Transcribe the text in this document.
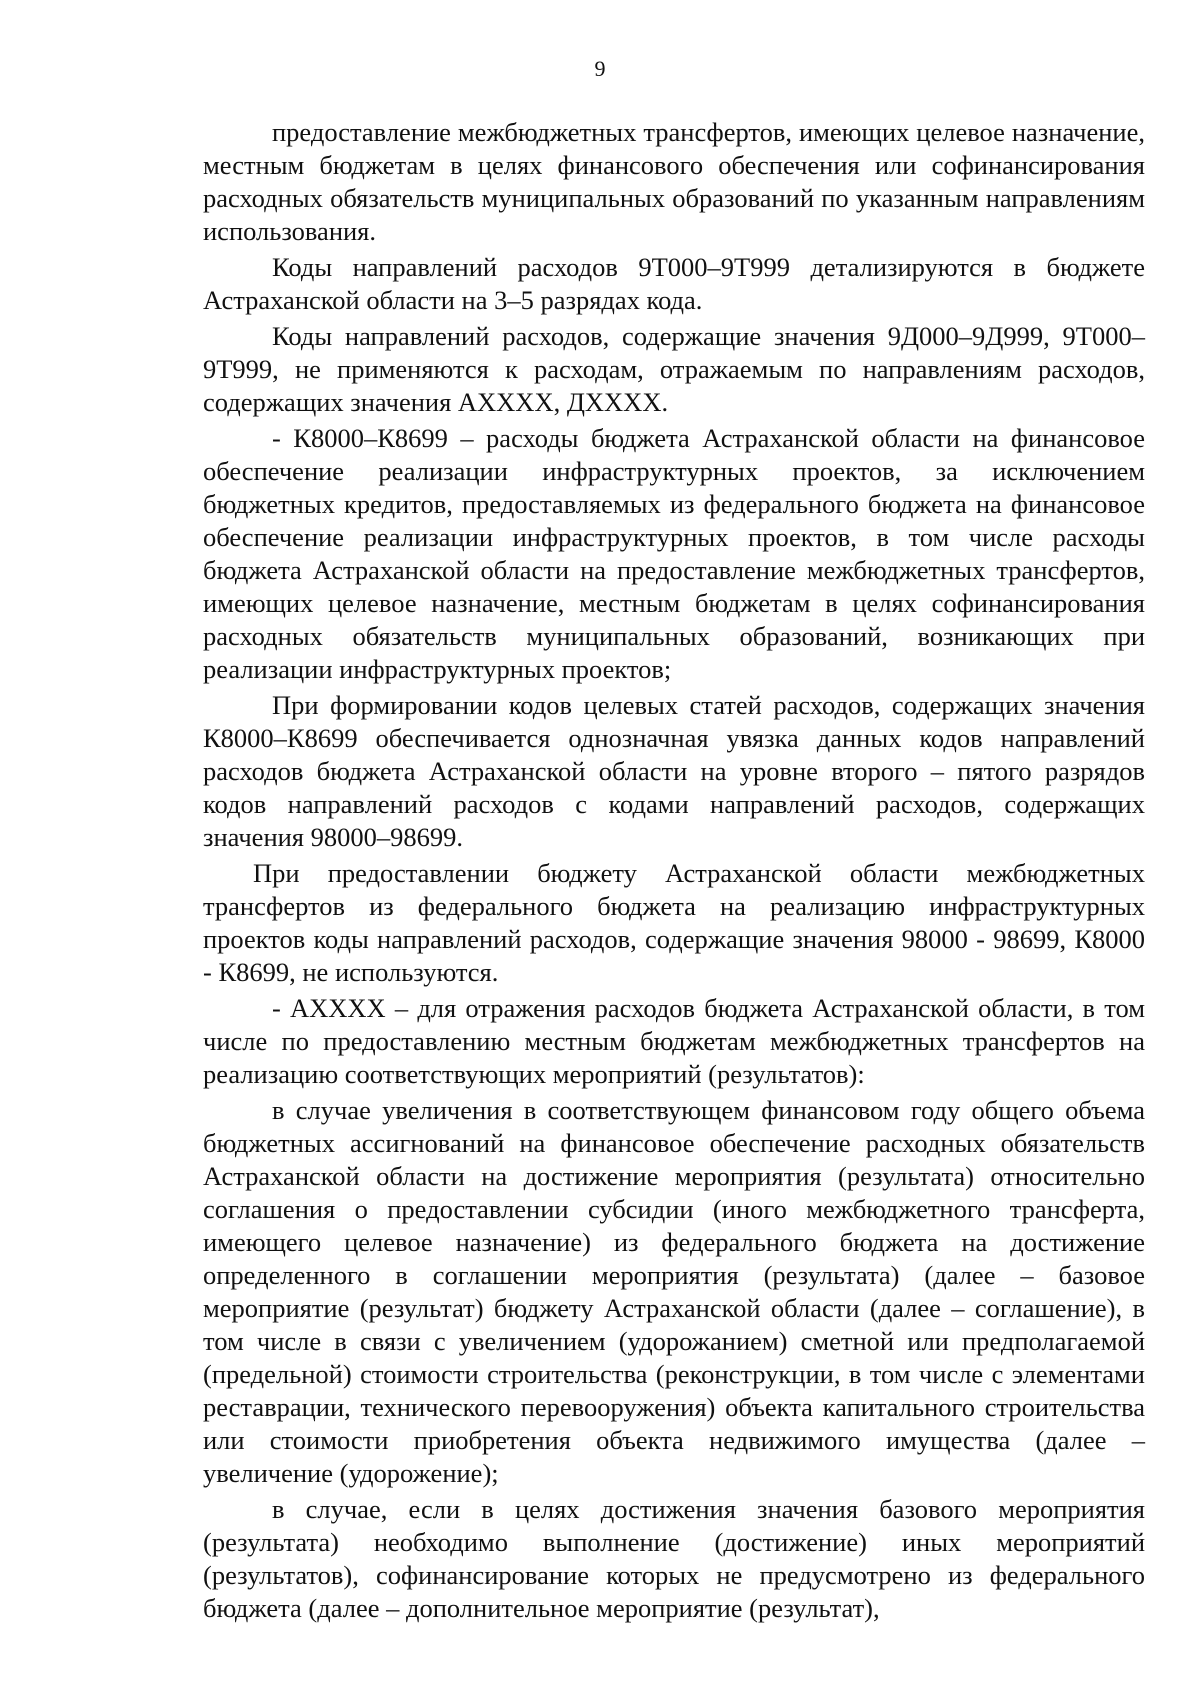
9

предоставление межбюджетных трансфертов, имеющих целевое назначение, местным бюджетам в целях финансового обеспечения или софинансирования расходных обязательств муниципальных образований по указанным направлениям использования.

Коды направлений расходов 9Т000–9Т999 детализируются в бюджете Астраханской области на 3–5 разрядах кода.

Коды направлений расходов, содержащие значения 9Д000–9Д999, 9Т000–9Т999, не применяются к расходам, отражаемым по направлениям расходов, содержащих значения АХХХХ, ДХХХХ.

- К8000–К8699 – расходы бюджета Астраханской области на финансовое обеспечение реализации инфраструктурных проектов, за исключением бюджетных кредитов, предоставляемых из федерального бюджета на финансовое обеспечение реализации инфраструктурных проектов, в том числе расходы бюджета Астраханской области на предоставление межбюджетных трансфертов, имеющих целевое назначение, местным бюджетам в целях софинансирования расходных обязательств муниципальных образований, возникающих при реализации инфраструктурных проектов;

При формировании кодов целевых статей расходов, содержащих значения К8000–К8699 обеспечивается однозначная увязка данных кодов направлений расходов бюджета Астраханской области на уровне второго – пятого разрядов кодов направлений расходов с кодами направлений расходов, содержащих значения 98000–98699.

При предоставлении бюджету Астраханской области межбюджетных трансфертов из федерального бюджета на реализацию инфраструктурных проектов коды направлений расходов, содержащие значения 98000 - 98699, К8000 - К8699, не используются.

- АХХХХ – для отражения расходов бюджета Астраханской области, в том числе по предоставлению местным бюджетам межбюджетных трансфертов на реализацию соответствующих мероприятий (результатов):

в случае увеличения в соответствующем финансовом году общего объема бюджетных ассигнований на финансовое обеспечение расходных обязательств Астраханской области на достижение мероприятия (результата) относительно соглашения о предоставлении субсидии (иного межбюджетного трансферта, имеющего целевое назначение) из федерального бюджета на достижение определенного в соглашении мероприятия (результата) (далее – базовое мероприятие (результат) бюджету Астраханской области (далее – соглашение), в том числе в связи с увеличением (удорожанием) сметной или предполагаемой (предельной) стоимости строительства (реконструкции, в том числе с элементами реставрации, технического перевооружения) объекта капитального строительства или стоимости приобретения объекта недвижимого имущества (далее – увеличение (удорожение);

в случае, если в целях достижения значения базового мероприятия (результата) необходимо выполнение (достижение) иных мероприятий (результатов), софинансирование которых не предусмотрено из федерального бюджета (далее – дополнительное мероприятие (результат),
